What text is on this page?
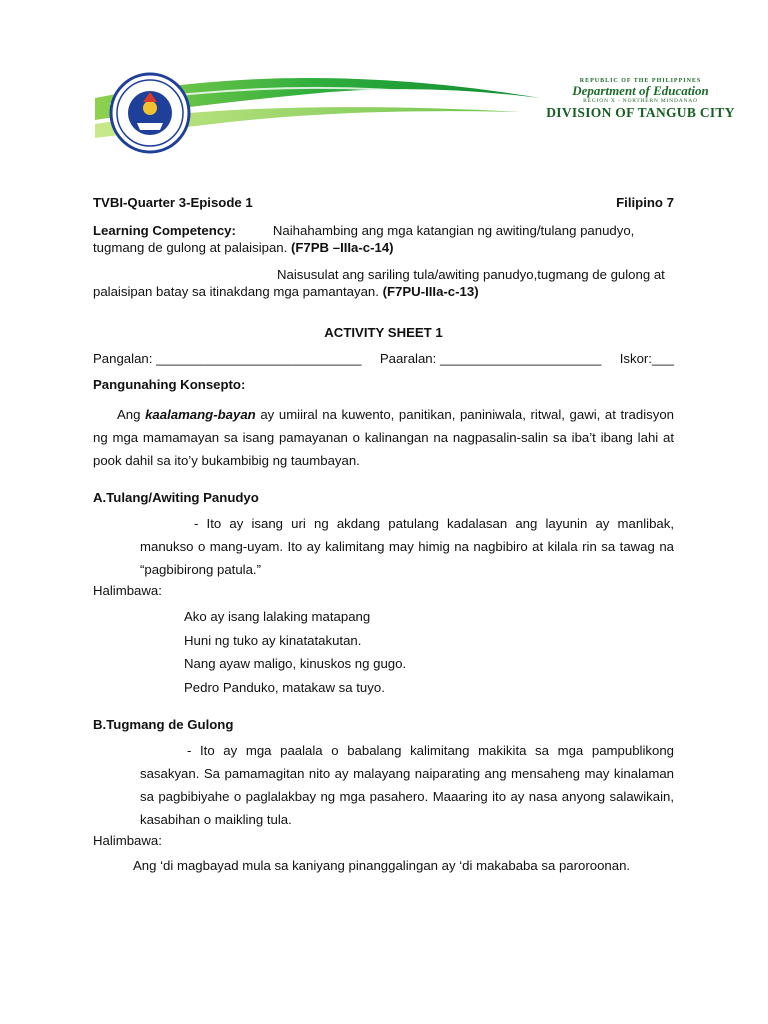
REPUBLIC OF THE PHILIPPINES
Department of Education
REGION X - NORTHERN MINDANAO
DIVISION OF TANGUB CITY
TVBI-Quarter 3-Episode 1	Filipino 7

Learning Competency:	Naihahambing ang mga katangian ng awiting/tulang panudyo, tugmang de gulong at palaisipan. (F7PB –IIIa-c-14)

Naisusulat ang sariling tula/awiting panudyo,tugmang de gulong at palaisipan batay sa itinakdang mga pamantayan. (F7PU-IIIa-c-13)

ACTIVITY SHEET 1

Pangalan: ____________________________ Paaralan: ______________________ Iskor:___

Pangunahing Konsepto:

Ang kaalamang-bayan ay umiiral na kuwento, panitikan, paniniwala, ritwal, gawi, at tradisyon ng mga mamamayan sa isang pamayanan o kalinangan na nagpasalin-salin sa iba’t ibang lahi at pook dahil sa ito’y bukambibig ng taumbayan.

A.Tulang/Awiting Panudyo

- Ito ay isang uri ng akdang patulang kadalasan ang layunin ay manlibak, manukso o mang-uyam. Ito ay kalimitang may himig na nagbibiro at kilala rin sa tawag na “pagbibirong patula.”

Halimbawa:

Ako ay isang lalaking matapang
Huni ng tuko ay kinatatakutan.
Nang ayaw maligo, kinuskos ng gugo.
Pedro Panduko, matakaw sa tuyo.

B.Tugmang de Gulong

- Ito ay mga paalala o babalang kalimitang makikita sa mga pampublikong sasakyan. Sa pamamagitan nito ay malayang naiparating ang mensaheng may kinalaman sa pagbibiyahe o paglalakbay ng mga pasahero. Maaaring ito ay nasa anyong salawikain, kasabihan o maikling tula.

Halimbawa:

Ang ‘di magbayad mula sa kaniyang pinanggalingan ay ‘di makababa sa paroroonan.
